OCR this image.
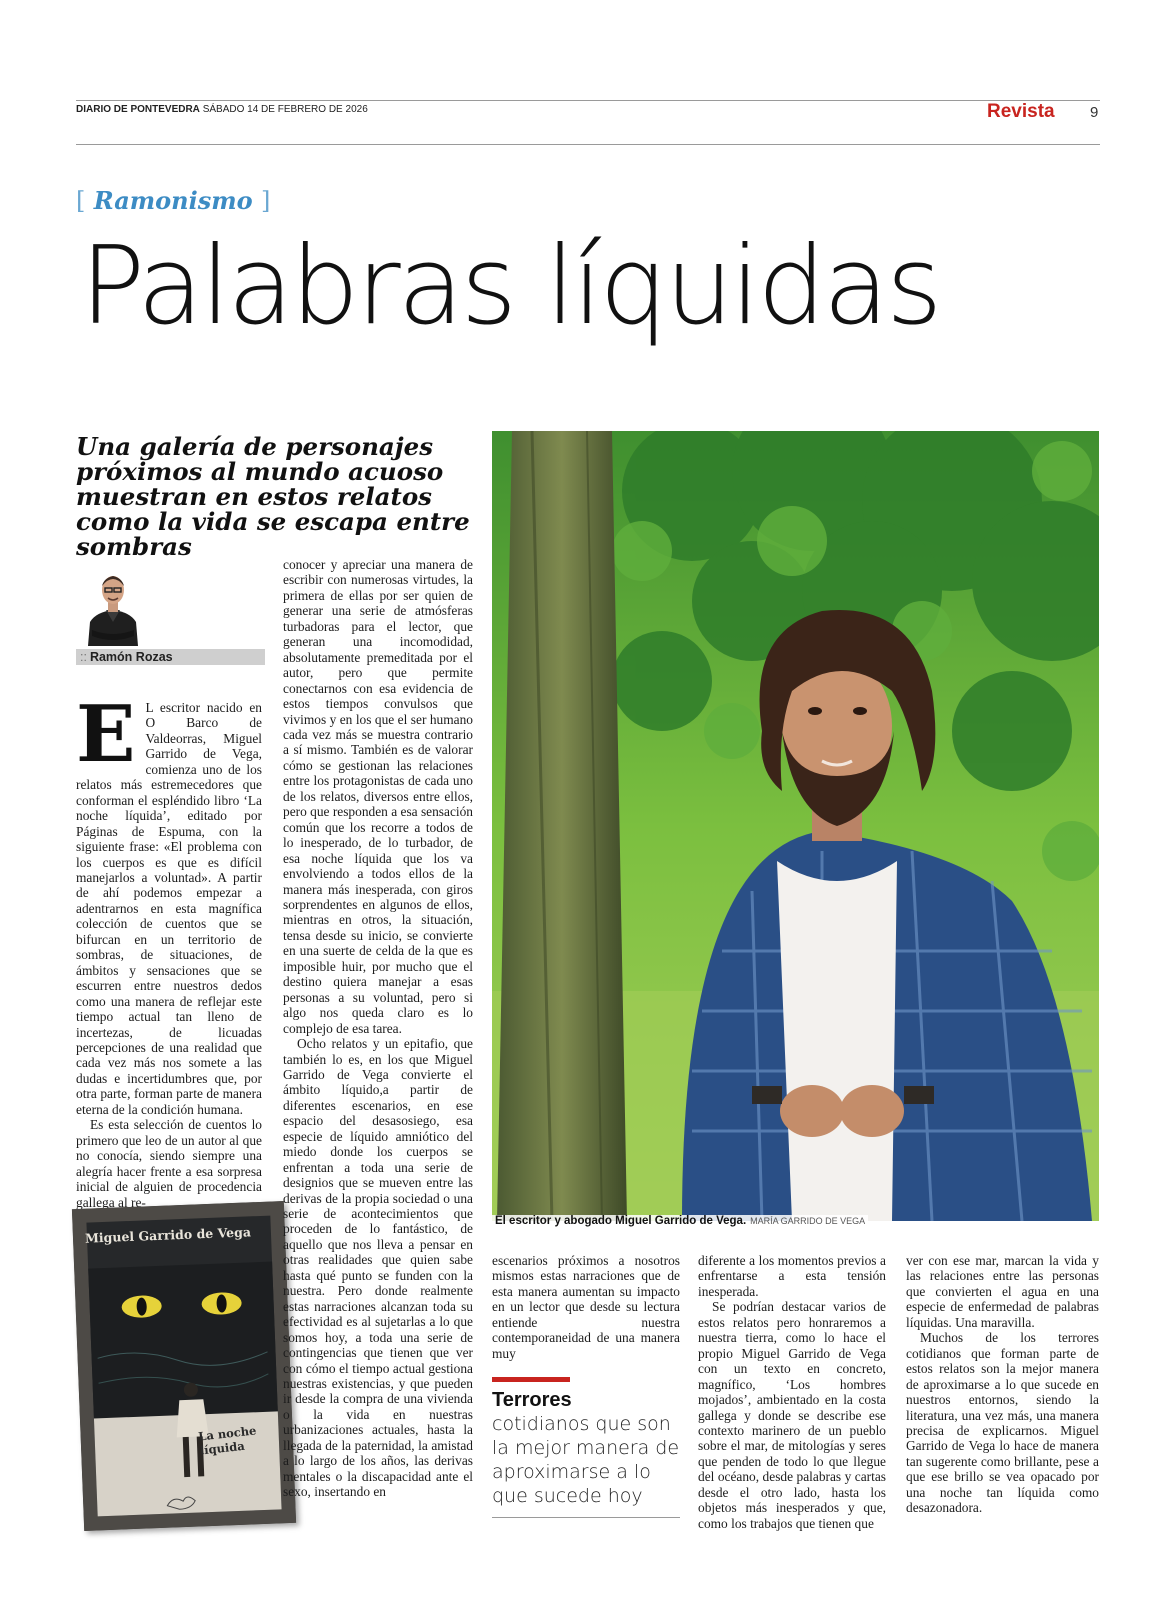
DIARIO DE PONTEVEDRA SÁBADO 14 DE FEBRERO DE 2026	Revista 9
[ Ramonismo ]
Palabras líquidas
Una galería de personajes próximos al mundo acuoso muestran en estos relatos como la vida se escapa entre sombras
:: Ramón Rozas
E L escritor nacido en O Barco de Valdeorras, Miguel Garrido de Vega, comienza uno de los relatos más estremecedores que conforman el espléndido libro ‘La noche líquida’, editado por Páginas de Espuma, con la siguiente frase: «El problema con los cuerpos es que es difícil manejarlos a voluntad». A partir de ahí podemos empezar a adentrarnos en esta magnífica colección de cuentos que se bifurcan en un territorio de sombras, de situaciones, de ámbitos y sensaciones que se escurren entre nuestros dedos como una manera de reflejar este tiempo actual tan lleno de incertezas, de licuadas percepciones de una realidad que cada vez más nos somete a las dudas e incertidumbres que, por otra parte, forman parte de manera eterna de la condición humana.

Es esta selección de cuentos lo primero que leo de un autor al que no conocía, siendo siempre una alegría hacer frente a esa sorpresa inicial de alguien de procedencia gallega al re-

Miguel Garrido de Vega
La noche líquida

conocer y apreciar una manera de escribir con numerosas virtudes, la primera de ellas por ser quien de generar una serie de atmósferas turbadoras para el lector, que generan una incomodidad, absolutamente premeditada por el autor, pero que permite conectarnos con esa evidencia de estos tiempos convulsos que vivimos y en los que el ser humano cada vez más se muestra contrario a sí mismo. También es de valorar cómo se gestionan las relaciones entre los protagonistas de cada uno de los relatos, diversos entre ellos, pero que responden a esa sensación común que los recorre a todos de lo inesperado, de lo turbador, de esa noche líquida que los va envolviendo a todos ellos de la manera más inesperada, con giros sorprendentes en algunos de ellos, mientras en otros, la situación, tensa desde su inicio, se convierte en una suerte de celda de la que es imposible huir, por mucho que el destino quiera manejar a esas personas a su voluntad, pero si algo nos queda claro es lo complejo de esa tarea.

Ocho relatos y un epitafio, que también lo es, en los que Miguel Garrido de Vega convierte el ámbito líquido,a partir de diferentes escenarios, en ese espacio del desasosiego, esa especie de líquido amniótico del miedo donde los cuerpos se enfrentan a toda una serie de designios que se mueven entre las derivas de la propia sociedad o una serie de acontecimientos que proceden de lo fantástico, de aquello que nos lleva a pensar en otras realidades que quien sabe hasta qué punto se funden con la nuestra. Pero donde realmente estas narraciones alcanzan toda su efectividad es al sujetarlas a lo que somos hoy, a toda una serie de contingencias que tienen que ver con cómo el tiempo actual gestiona nuestras existencias, y que pueden ir desde la compra de una vivienda o la vida en nuestras urbanizaciones actuales, hasta la llegada de la paternidad, la amistad a lo largo de los años, las derivas mentales o la discapacidad ante el sexo, insertando en

El escritor y abogado Miguel Garrido de Vega. MARÍA GARRIDO DE VEGA

escenarios próximos a nosotros mismos estas narraciones que de esta manera aumentan su impacto en un lector que desde su lectura entiende nuestra contemporaneidad de una manera muy

Terrores
cotidianos que son la mejor manera de aproximarse a lo que sucede hoy

diferente a los momentos previos a enfrentarse a esta tensión inesperada.

Se podrían destacar varios de estos relatos pero honraremos a nuestra tierra, como lo hace el propio Miguel Garrido de Vega con un texto en concreto, magnífico, ‘Los hombres mojados’, ambientado en la costa gallega y donde se describe ese contexto marinero de un pueblo sobre el mar, de mitologías y seres que penden de todo lo que llegue del océano, desde palabras y cartas desde el otro lado, hasta los objetos más inesperados y que, como los trabajos que tienen que

ver con ese mar, marcan la vida y las relaciones entre las personas que convierten el agua en una especie de enfermedad de palabras líquidas. Una maravilla.

Muchos de los terrores cotidianos que forman parte de estos relatos son la mejor manera de aproximarse a lo que sucede en nuestros entornos, siendo la literatura, una vez más, una manera precisa de explicarnos. Miguel Garrido de Vega lo hace de manera tan sugerente como brillante, pese a que ese brillo se vea opacado por una noche tan líquida como desazonadora.
